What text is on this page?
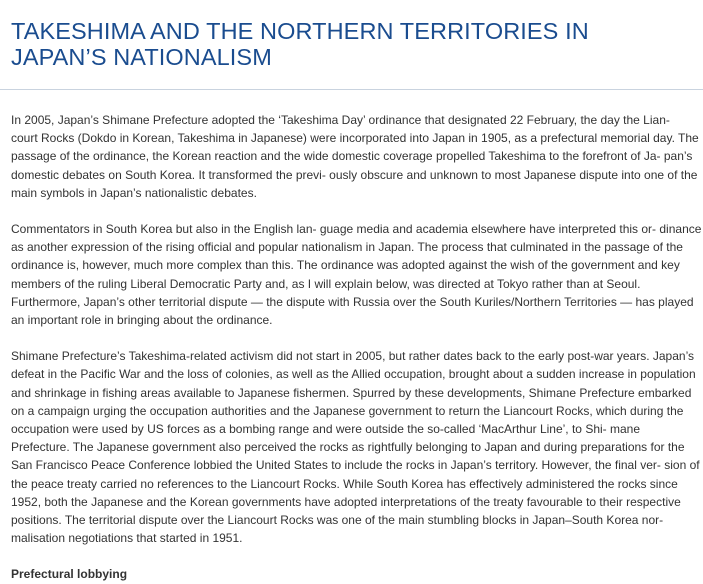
TAKESHIMA AND THE NORTHERN TERRITORIES IN
JAPAN’S NATIONALISM

In 2005, Japan’s Shimane Prefecture adopted the ‘Takeshima Day’ ordinance that designated 22 February, the day the Lian-
court Rocks (Dokdo in Korean, Takeshima in Japanese) were incorporated into Japan in 1905, as a prefectural memorial day. The
passage of the ordinance, the Korean reaction and the wide domestic coverage propelled Takeshima to the forefront of Ja- pan’s
domestic debates on South Korea. It transformed the previ- ously obscure and unknown to most Japanese dispute into one of the
main symbols in Japan’s nationalistic debates.

Commentators in South Korea but also in the English lan- guage media and academia elsewhere have interpreted this or- dinance
as another expression of the rising official and popular nationalism in Japan. The process that culminated in the passage of the
ordinance is, however, much more complex than this. The ordinance was adopted against the wish of the government and key
members of the ruling Liberal Democratic Party and, as I will explain below, was directed at Tokyo rather than at Seoul.
Furthermore, Japan’s other territorial dispute — the dispute with Russia over the South Kuriles/Northern Territories — has played
an important role in bringing about the ordinance.

Shimane Prefecture’s Takeshima-related activism did not start in 2005, but rather dates back to the early post-war years. Japan’s
defeat in the Pacific War and the loss of colonies, as well as the Allied occupation, brought about a sudden increase in population
and shrinkage in fishing areas available to Japanese fishermen. Spurred by these developments, Shimane Prefecture embarked
on a campaign urging the occupation authorities and the Japanese government to return the Liancourt Rocks, which during the
occupation were used by US forces as a bombing range and were outside the so-called ‘MacArthur Line’, to Shi- mane
Prefecture. The Japanese government also perceived the rocks as rightfully belonging to Japan and during preparations for the
San Francisco Peace Conference lobbied the United States to include the rocks in Japan’s territory. However, the final ver- sion of
the peace treaty carried no references to the Liancourt Rocks. While South Korea has effectively administered the rocks since
1952, both the Japanese and the Korean governments have adopted interpretations of the treaty favourable to their respective
positions. The territorial dispute over the Liancourt Rocks was one of the main stumbling blocks in Japan–South Korea nor-
malisation negotiations that started in 1951.

Prefectural lobbying
